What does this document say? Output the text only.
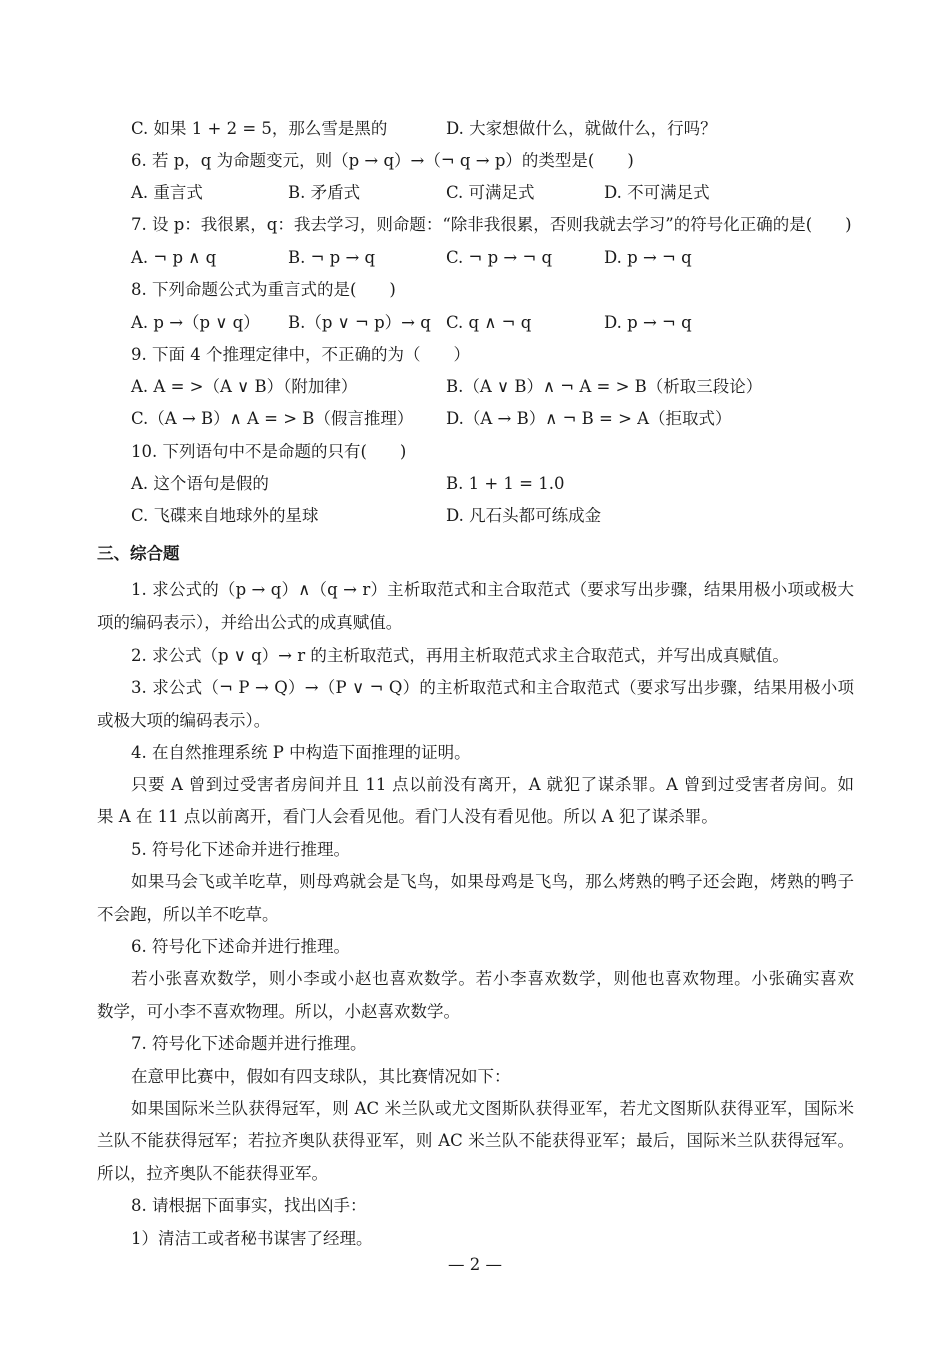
C. 如果 1 + 2 = 5，那么雪是黑的	D. 大家想做什么，就做什么，行吗？
6. 若 p，q 为命题变元，则（p → q）→（¬ q → p）的类型是(　　)
A. 重言式	B. 矛盾式	C. 可满足式	D. 不可满足式
7. 设 p：我很累，q：我去学习，则命题：“除非我很累，否则我就去学习”的符号化正确的是(　　)
A. ¬ p ∧ q	B. ¬ p → q	C. ¬ p → ¬ q	D. p → ¬ q
8. 下列命题公式为重言式的是(　　)
A. p →（p ∨ q） B.（p ∨ ¬ p）→ q C. q ∧ ¬ q	D. p → ¬ q
9. 下面 4 个推理定律中，不正确的为（　　）
A. A = >（A ∨ B）（附加律）	B.（A ∨ B）∧ ¬ A = > B（析取三段论）
C.（A → B）∧ A = > B（假言推理） D.（A → B）∧ ¬ B = > A（拒取式）
10. 下列语句中不是命题的只有(　　)
A. 这个语句是假的	B. 1 + 1 = 1.0
C. 飞碟来自地球外的星球	D. 凡石头都可练成金
三、综合题
1. 求公式的（p → q）∧（q → r）主析取范式和主合取范式（要求写出步骤，结果用极小项或极大
项的编码表示），并给出公式的成真赋值。
2. 求公式（p ∨ q）→ r 的主析取范式，再用主析取范式求主合取范式，并写出成真赋值。
3. 求公式（¬ P → Q）→（P ∨ ¬ Q）的主析取范式和主合取范式（要求写出步骤，结果用极小项
或极大项的编码表示）。
4. 在自然推理系统 P 中构造下面推理的证明。
只要 A 曾到过受害者房间并且 11 点以前没有离开，A 就犯了谋杀罪。A 曾到过受害者房间。如
果 A 在 11 点以前离开，看门人会看见他。看门人没有看见他。所以 A 犯了谋杀罪。
5. 符号化下述命并进行推理。
如果马会飞或羊吃草，则母鸡就会是飞鸟，如果母鸡是飞鸟，那么烤熟的鸭子还会跑，烤熟的鸭子
不会跑，所以羊不吃草。
6. 符号化下述命并进行推理。
若小张喜欢数学，则小李或小赵也喜欢数学。若小李喜欢数学，则他也喜欢物理。小张确实喜欢
数学，可小李不喜欢物理。所以，小赵喜欢数学。
7. 符号化下述命题并进行推理。
在意甲比赛中，假如有四支球队，其比赛情况如下：
如果国际米兰队获得冠军，则 AC 米兰队或尤文图斯队获得亚军，若尤文图斯队获得亚军，国际米
兰队不能获得冠军；若拉齐奥队获得亚军，则 AC 米兰队不能获得亚军；最后，国际米兰队获得冠军。
所以，拉齐奥队不能获得亚军。
8. 请根据下面事实，找出凶手：
1）清洁工或者秘书谋害了经理。
— 2 —
